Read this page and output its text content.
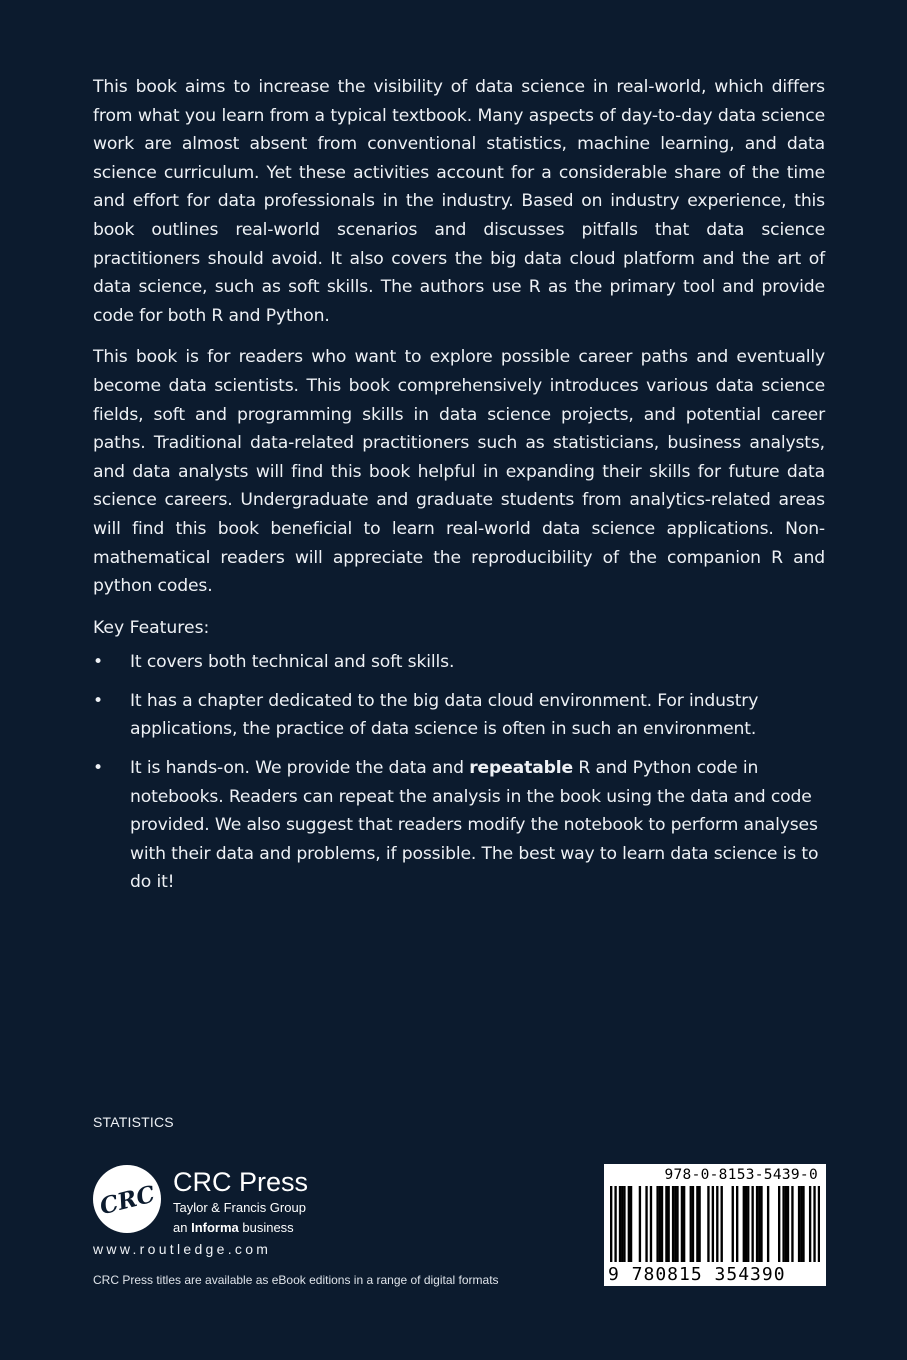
This book aims to increase the visibility of data science in real-world, which differs from what you learn from a typical textbook. Many aspects of day-to-day data science work are almost absent from conventional statistics, machine learning, and data science curriculum. Yet these activities account for a considerable share of the time and effort for data professionals in the industry. Based on industry experience, this book outlines real-world scenarios and discusses pitfalls that data science practitioners should avoid. It also covers the big data cloud platform and the art of data science, such as soft skills. The authors use R as the primary tool and provide code for both R and Python.

This book is for readers who want to explore possible career paths and eventually become data scientists. This book comprehensively introduces various data science fields, soft and programming skills in data science projects, and potential career paths. Traditional data-related practitioners such as statisticians, business analysts, and data analysts will find this book helpful in expanding their skills for future data science careers. Undergraduate and graduate students from analytics-related areas will find this book beneficial to learn real-world data science applications. Non-mathematical readers will appreciate the reproducibility of the companion R and python codes.

Key Features:

• It covers both technical and soft skills.
• It has a chapter dedicated to the big data cloud environment. For industry applications, the practice of data science is often in such an environment.
• It is hands-on. We provide the data and repeatable R and Python code in notebooks. Readers can repeat the analysis in the book using the data and code provided. We also suggest that readers modify the notebook to perform analyses with their data and problems, if possible. The best way to learn data science is to do it!
STATISTICS
CRC CRC Press
Taylor & Francis Group
an Informa business
www.routledge.com
CRC Press titles are available as eBook editions in a range of digital formats
978-0-8153-5439-0
9 780815 354390
